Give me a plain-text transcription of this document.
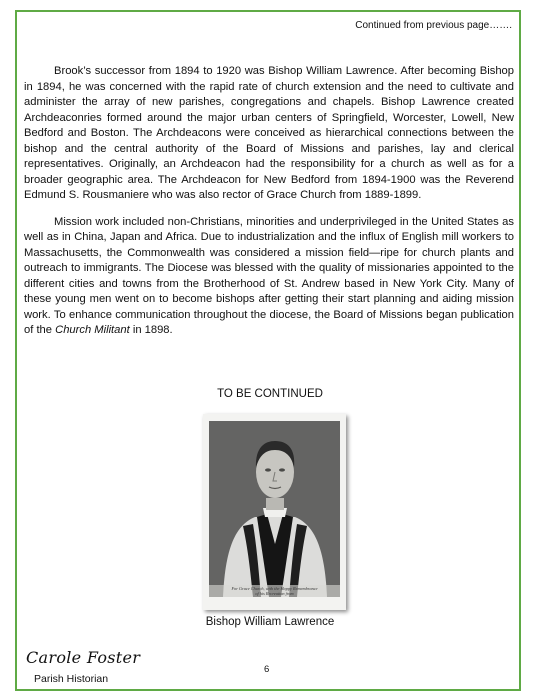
Continued from previous page…….

Brook’s successor from 1894 to 1920 was Bishop William Lawrence. After becoming Bishop in 1894, he was concerned with the rapid rate of church extension and the need to cultivate and administer the array of new parishes, congregations and chapels. Bishop Lawrence created Archdeaconries formed around the major urban centers of Springfield, Worcester, Lowell, New Bedford and Boston. The Archdeacons were conceived as hierarchical connections between the bishop and the central authority of the Board of Missions and parishes, lay and clerical representatives. Originally, an Archdeacon had the responsibility for a church as well as for a broader geographic area. The Archdeacon for New Bedford from 1894-1900 was the Reverend Edmund S. Rousmaniere who was also rector of Grace Church from 1889-1899.

Mission work included non-Christians, minorities and underprivileged in the United States as well as in China, Japan and Africa. Due to industrialization and the influx of English mill workers to Massachusetts, the Commonwealth was considered a mission field—ripe for church plants and outreach to immigrants. The Diocese was blessed with the quality of missionaries appointed to the different cities and towns from the Brotherhood of St. Andrew based in New York City. Many of these young men went on to become bishops after getting their start planning and aiding mission work. To enhance communication throughout the diocese, the Board of Missions began publication of the Church Militant in 1898.

TO BE CONTINUED
For Grace Church, with the Happy Remembrance
of his Recreation from
Bishop William Lawrence
Carole Foster
Parish Historian
6
